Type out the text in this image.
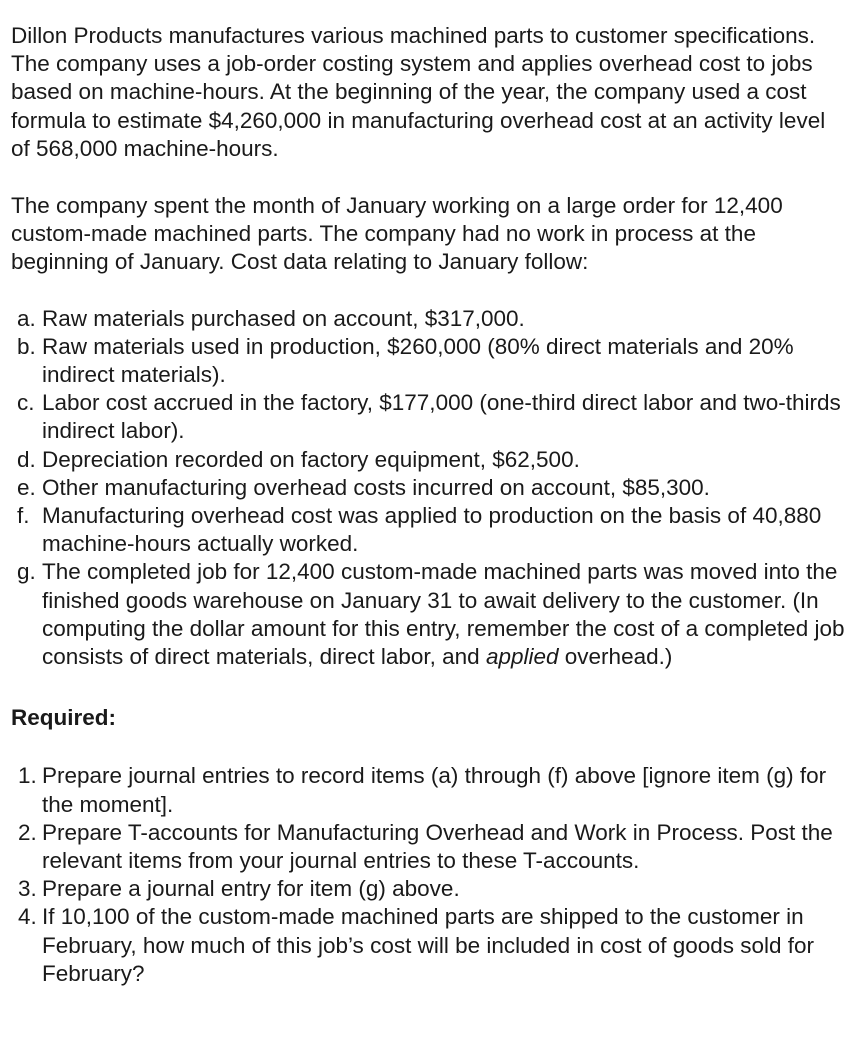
Dillon Products manufactures various machined parts to customer specifications. The company uses a job-order costing system and applies overhead cost to jobs based on machine-hours. At the beginning of the year, the company used a cost formula to estimate $4,260,000 in manufacturing overhead cost at an activity level of 568,000 machine-hours.

The company spent the month of January working on a large order for 12,400 custom-made machined parts. The company had no work in process at the beginning of January. Cost data relating to January follow:

a. Raw materials purchased on account, $317,000.
b. Raw materials used in production, $260,000 (80% direct materials and 20% indirect materials).
c. Labor cost accrued in the factory, $177,000 (one-third direct labor and two-thirds indirect labor).
d. Depreciation recorded on factory equipment, $62,500.
e. Other manufacturing overhead costs incurred on account, $85,300.
f. Manufacturing overhead cost was applied to production on the basis of 40,880 machine-hours actually worked.
g. The completed job for 12,400 custom-made machined parts was moved into the finished goods warehouse on January 31 to await delivery to the customer. (In computing the dollar amount for this entry, remember the cost of a completed job consists of direct materials, direct labor, and applied overhead.)

Required:

1. Prepare journal entries to record items (a) through (f) above [ignore item (g) for the moment].
2. Prepare T-accounts for Manufacturing Overhead and Work in Process. Post the relevant items from your journal entries to these T-accounts.
3. Prepare a journal entry for item (g) above.
4. If 10,100 of the custom-made machined parts are shipped to the customer in February, how much of this job’s cost will be included in cost of goods sold for February?
